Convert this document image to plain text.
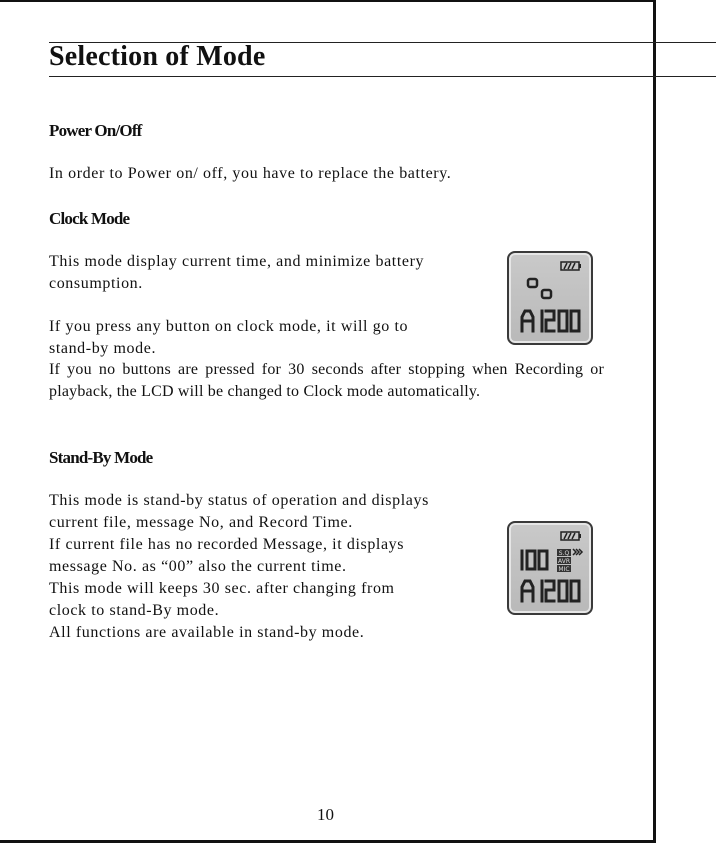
Selection of Mode
Power On/Off
In order to Power on/ off, you have to replace the battery.
Clock Mode
This mode display current time, and minimize battery
consumption.
If you press any button on clock mode, it will go to
stand-by mode.
If you no buttons are pressed for 30 seconds after stopping when Recording or playback, the LCD will be changed to Clock mode automatically.
Stand-By Mode
This mode is stand-by status of operation and displays
current file, message No, and Record Time.
If current file has no recorded Message, it displays
message No. as “00” also the current time.
This mode will keeps 30 sec. after changing from
clock to stand-By mode.
All functions are available in stand-by mode.
S.Q
AVR
MIC
10
